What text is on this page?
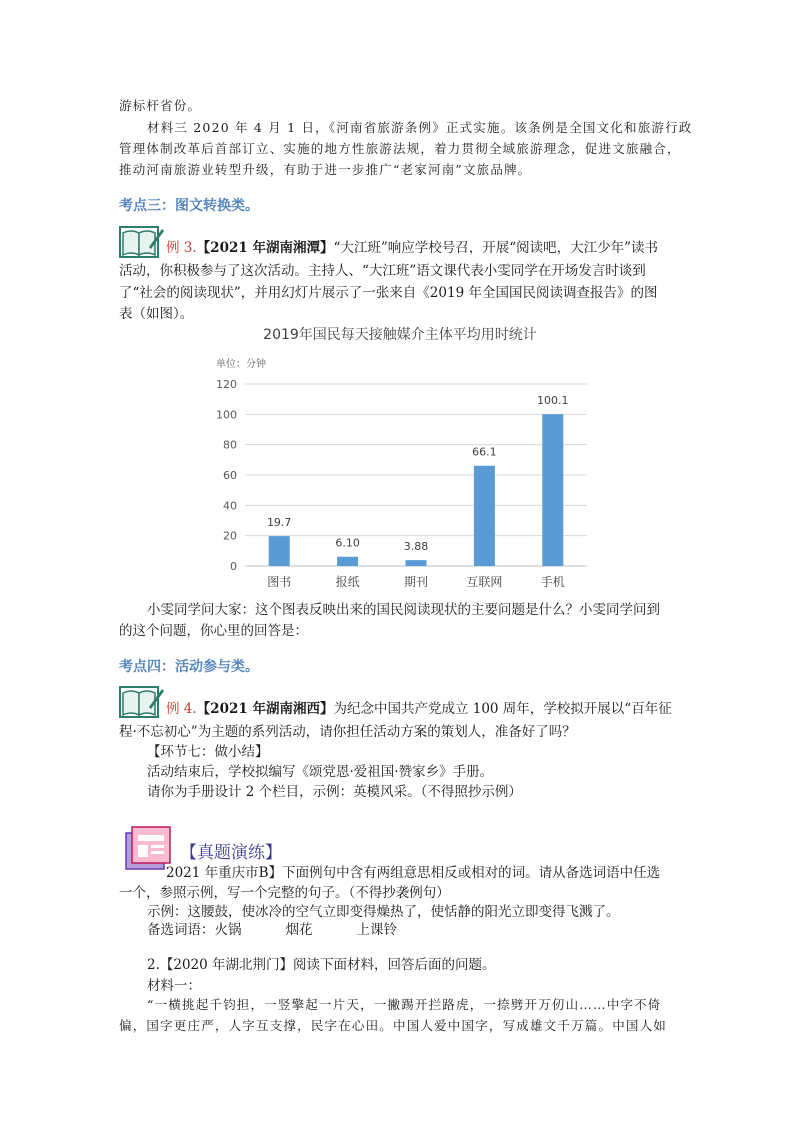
游标杆省份。
材料三 2020 年 4 月 1 日，《河南省旅游条例》正式实施。该条例是全国文化和旅游行政
管理体制改革后首部订立、实施的地方性旅游法规，着力贯彻全域旅游理念，促进文旅融合，
推动河南旅游业转型升级，有助于进一步推广“老家河南”文旅品牌。
考点三：图文转换类。
例 3.【2021 年湖南湘潭】“大江班”响应学校号召，开展“阅读吧，大江少年”读书
活动，你积极参与了这次活动。主持人、“大江班”语文课代表小雯同学在开场发言时谈到
了“社会的阅读现状”，并用幻灯片展示了一张来自《2019 年全国国民阅读调查报告》的图
表（如图）。
2019年国民每天接触媒介主体平均用时统计
单位：分钟
0
20
40
60
80
100
120
19.7
图书
6.10
报纸
3.88
期刊
66.1
互联网
100.1
手机
小雯同学问大家：这个图表反映出来的国民阅读现状的主要问题是什么？小雯同学问到
的这个问题，你心里的回答是：
考点四：活动参与类。
例 4.【2021 年湖南湘西】为纪念中国共产党成立 100 周年，学校拟开展以“百年征
程·不忘初心”为主题的系列活动，请你担任活动方案的策划人，准备好了吗？
【环节七：做小结】
活动结束后，学校拟编写《颂党恩·爱祖国·赞家乡》手册。
请你为手册设计 2 个栏目，示例：英模风采。（不得照抄示例）
【真题演练】
2021 年重庆市B】下面例句中含有两组意思相反或相对的词。请从备选词语中任选
一个，参照示例，写一个完整的句子。（不得抄袭例句）
示例：这腰鼓，使冰冷的空气立即变得燥热了，使恬静的阳光立即变得飞溅了。
备选词语：火锅	烟花	上课铃
2.【2020 年湖北荆门】阅读下面材料，回答后面的问题。
材料一：
“一横挑起千钧担，一竖擎起一片天，一撇踢开拦路虎，一捺劈开万仞山……中字不倚
偏，国字更庄严，人字互支撑，民字在心田。中国人爱中国字，写成雄文千万篇。中国人如
